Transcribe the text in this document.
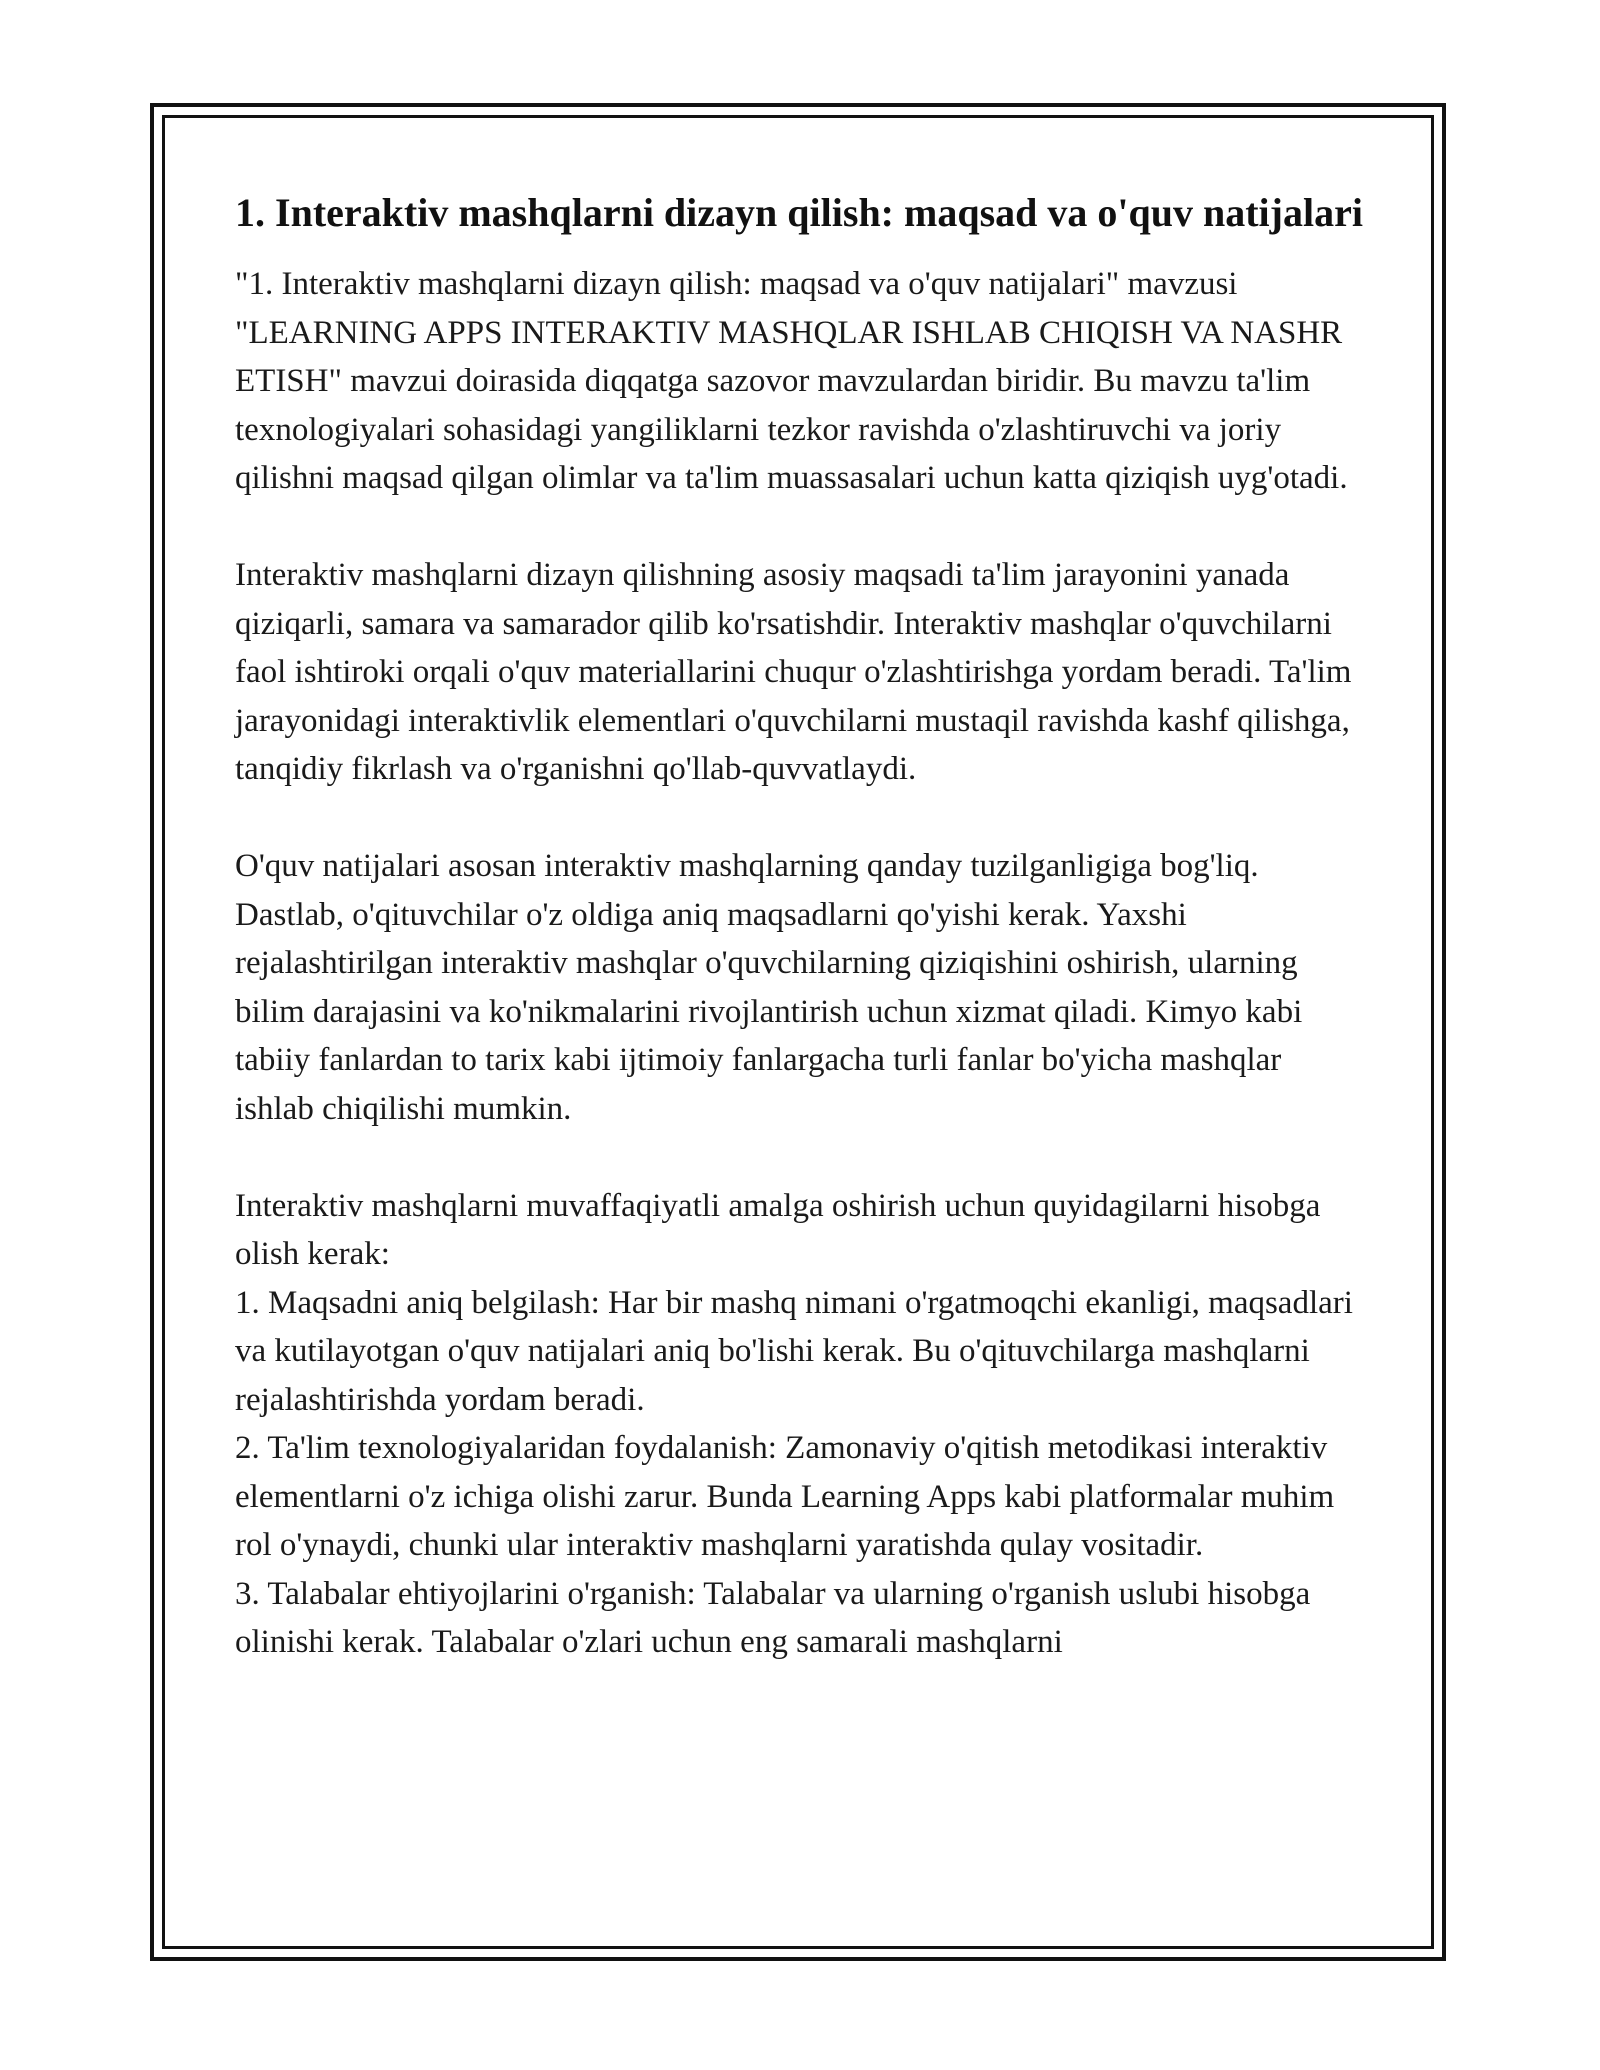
1. Interaktiv mashqlarni dizayn qilish: maqsad va o'quv natijalari

"1. Interaktiv mashqlarni dizayn qilish: maqsad va o'quv natijalari" mavzusi "LEARNING APPS INTERAKTIV MASHQLAR ISHLAB CHIQISH VA NASHR ETISH" mavzui doirasida diqqatga sazovor mavzulardan biridir. Bu mavzu ta'lim texnologiyalari sohasidagi yangiliklarni tezkor ravishda o'zlashtiruvchi va joriy qilishni maqsad qilgan olimlar va ta'lim muassasalari uchun katta qiziqish uyg'otadi.

Interaktiv mashqlarni dizayn qilishning asosiy maqsadi ta'lim jarayonini yanada qiziqarli, samara va samarador qilib ko'rsatishdir. Interaktiv mashqlar o'quvchilarni faol ishtiroki orqali o'quv materiallarini chuqur o'zlashtirishga yordam beradi. Ta'lim jarayonidagi interaktivlik elementlari o'quvchilarni mustaqil ravishda kashf qilishga, tanqidiy fikrlash va o'rganishni qo'llab-quvvatlaydi.

O'quv natijalari asosan interaktiv mashqlarning qanday tuzilganligiga bog'liq. Dastlab, o'qituvchilar o'z oldiga aniq maqsadlarni qo'yishi kerak. Yaxshi rejalashtirilgan interaktiv mashqlar o'quvchilarning qiziqishini oshirish, ularning bilim darajasini va ko'nikmalarini rivojlantirish uchun xizmat qiladi. Kimyo kabi tabiiy fanlardan to tarix kabi ijtimoiy fanlargacha turli fanlar bo'yicha mashqlar ishlab chiqilishi mumkin.

Interaktiv mashqlarni muvaffaqiyatli amalga oshirish uchun quyidagilarni hisobga olish kerak:

1. Maqsadni aniq belgilash: Har bir mashq nimani o'rgatmoqchi ekanligi, maqsadlari va kutilayotgan o'quv natijalari aniq bo'lishi kerak. Bu o'qituvchilarga mashqlarni rejalashtirishda yordam beradi.

2. Ta'lim texnologiyalaridan foydalanish: Zamonaviy o'qitish metodikasi interaktiv elementlarni o'z ichiga olishi zarur. Bunda Learning Apps kabi platformalar muhim rol o'ynaydi, chunki ular interaktiv mashqlarni yaratishda qulay vositadir.

3. Talabalar ehtiyojlarini o'rganish: Talabalar va ularning o'rganish uslubi hisobga olinishi kerak. Talabalar o'zlari uchun eng samarali mashqlarni
